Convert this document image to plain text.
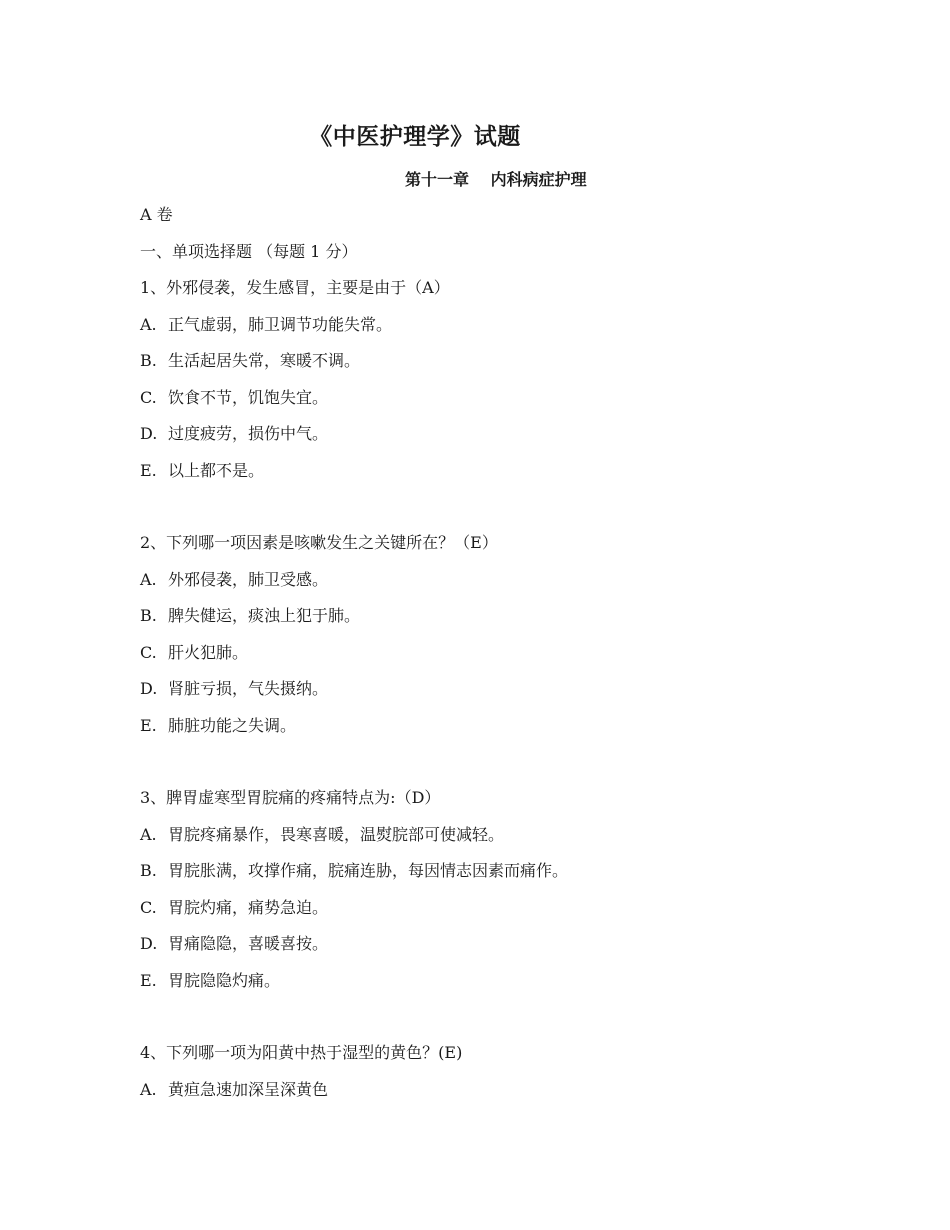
《中医护理学》试题
第十一章　 内科病症护理
A 卷
一、单项选择题 （每题 1 分）
1、外邪侵袭，发生感冒，主要是由于（A）
A. 正气虚弱，肺卫调节功能失常。
B. 生活起居失常，寒暖不调。
C. 饮食不节，饥饱失宜。
D. 过度疲劳，损伤中气。
E. 以上都不是。
2、下列哪一项因素是咳嗽发生之关键所在？（E）
A. 外邪侵袭，肺卫受感。
B. 脾失健运，痰浊上犯于肺。
C. 肝火犯肺。
D. 肾脏亏损，气失摄纳。
E. 肺脏功能之失调。
3、脾胃虚寒型胃脘痛的疼痛特点为:（D）
A. 胃脘疼痛暴作，畏寒喜暖，温熨脘部可使减轻。
B. 胃脘胀满，攻撑作痛，脘痛连胁，每因情志因素而痛作。
C. 胃脘灼痛，痛势急迫。
D. 胃痛隐隐，喜暖喜按。
E. 胃脘隐隐灼痛。
4、下列哪一项为阳黄中热于湿型的黄色？(E)
A. 黄疸急速加深呈深黄色
